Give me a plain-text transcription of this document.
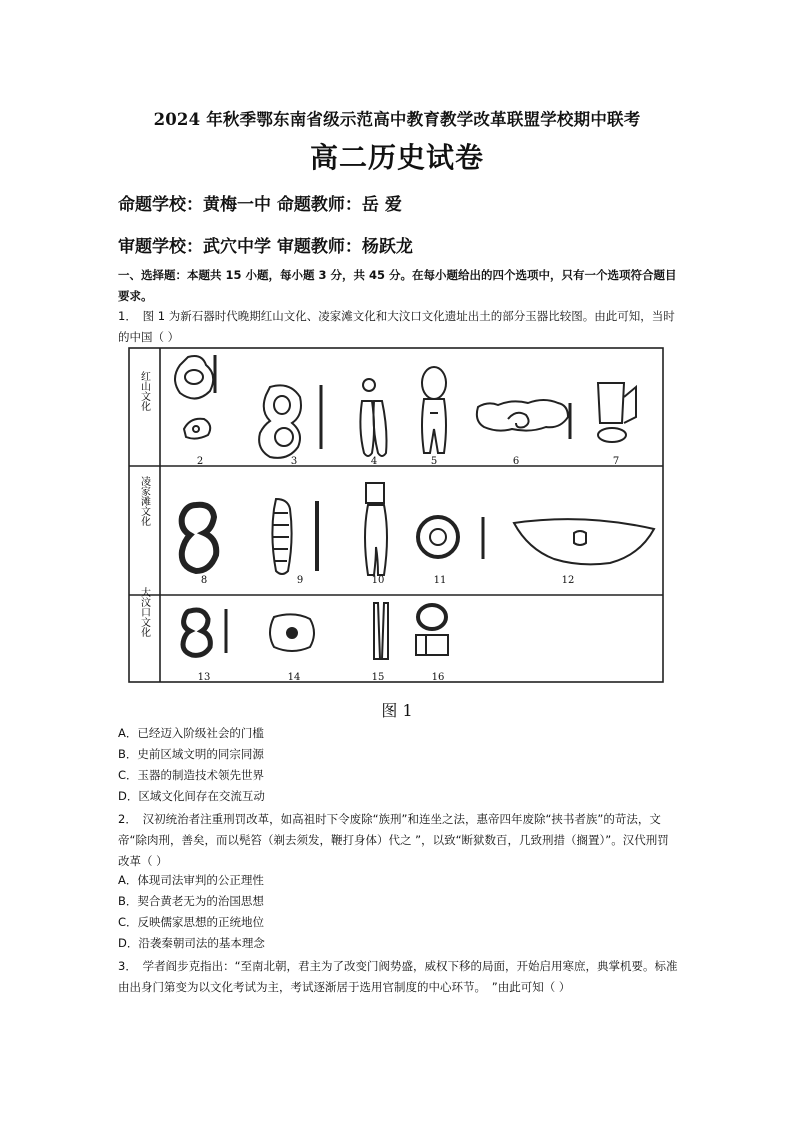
2024 年秋季鄂东南省级示范高中教育教学改革联盟学校期中联考
高二历史试卷
命题学校：黄梅一中 命题教师：岳 爱
审题学校：武穴中学 审题教师：杨跃龙
一、选择题：本题共 15 小题，每小题 3 分，共 45 分。在每小题给出的四个选项中，只有一个选项符合题目要求。
1．　图 1 为新石器时代晚期红山文化、凌家滩文化和大汶口文化遗址出土的部分玉器比较图。由此可知，当时的中国（ ）
红山文化
凌家滩文化
大汶口文化
2	3	4	5	6	7
8	9	10	11	12
13	14	15	16
图 1
A．已经迈入阶级社会的门槛
B．史前区域文明的同宗同源
C．玉器的制造技术领先世界
D．区域文化间存在交流互动
2．　汉初统治者注重刑罚改革，如高祖时下令废除“族刑”和连坐之法，惠帝四年废除“挟书者族”的苛法，文帝“除肉刑，善矣，而以髡笞（剃去须发，鞭打身体）代之 ”，以致“断狱数百，几致刑措（搁置）”。汉代刑罚改革（ ）
A．体现司法审判的公正理性
B．契合黄老无为的治国思想
C．反映儒家思想的正统地位
D．沿袭秦朝司法的基本理念
3．　学者阎步克指出：“至南北朝，君主为了改变门阀势盛，威权下移的局面，开始启用寒庶，典掌机要。标准由出身门第变为以文化考试为主，考试逐渐居于选用官制度的中心环节。　”由此可知（ ）
